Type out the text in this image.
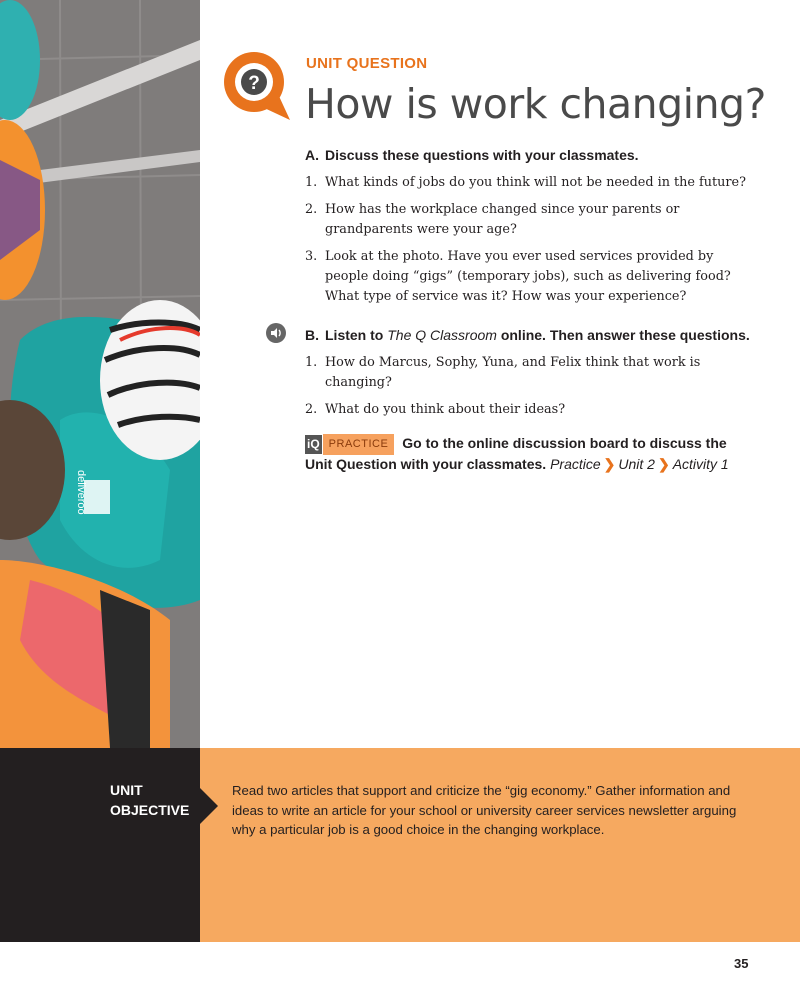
deliveroo
?
UNIT QUESTION
How is work changing?
A. Discuss these questions with your classmates.
1. What kinds of jobs do you think will not be needed in the future?
2. How has the workplace changed since your parents or grandparents were your age?
3. Look at the photo. Have you ever used services provided by people doing “gigs” (temporary jobs), such as delivering food? What type of service was it? How was your experience?
B. Listen to The Q Classroom online. Then answer these questions.
1. How do Marcus, Sophy, Yuna, and Felix think that work is changing?
2. What do you think about their ideas?
iQ PRACTICE Go to the online discussion board to discuss the Unit Question with your classmates. Practice ❯ Unit 2 ❯ Activity 1
UNIT
OBJECTIVE
Read two articles that support and criticize the “gig economy.” Gather information and ideas to write an article for your school or university career services newsletter arguing why a particular job is a good choice in the changing workplace.
35
